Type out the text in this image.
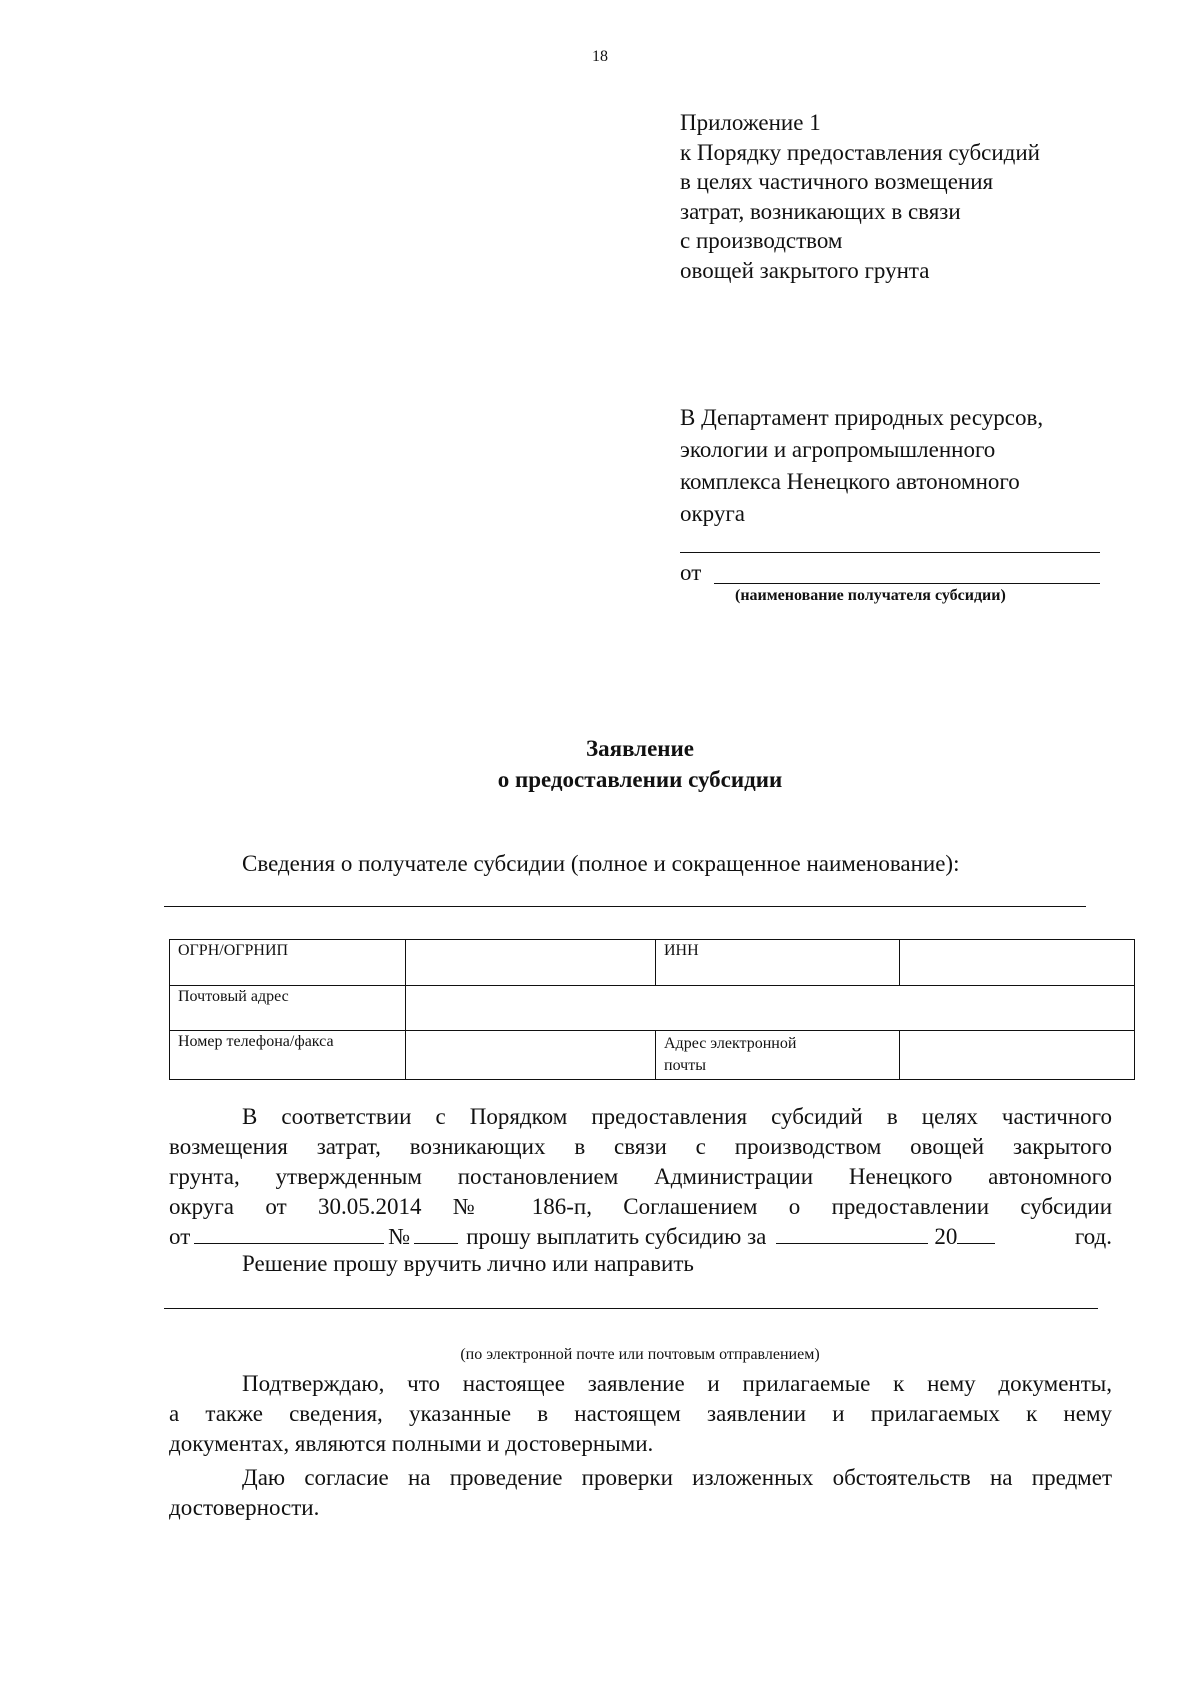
18
Приложение 1
к Порядку предоставления субсидий
в целях частичного возмещения
затрат, возникающих в связи
с производством
овощей закрытого грунта
В Департамент природных ресурсов,
экологии и агропромышленного
комплекса Ненецкого автономного
округа
от
(наименование получателя субсидии)
Заявление
о предоставлении субсидии
Сведения о получателе субсидии (полное и сокращенное наименование):
ОГРН/ОГРНИП		ИНН	
Почтовый адрес			
Номер телефона/факса		Адрес электронной
почты	

В соответствии с Порядком предоставления субсидий в целях частичного
возмещения затрат, возникающих в связи с производством овощей закрытого
грунта, утвержденным постановлением Администрации Ненецкого автономного
округа от 30.05.2014 № 186-п, Соглашением о предоставлении субсидии
от	№ прошу выплатить субсидию за	20	год.
Решение прошу вручить лично или направить
(по электронной почте или почтовым отправлением)
Подтверждаю, что настоящее заявление и прилагаемые к нему документы,
а также сведения, указанные в настоящем заявлении и прилагаемых к нему
документах, являются полными и достоверными.
Даю согласие на проведение проверки изложенных обстоятельств на предмет
достоверности.
